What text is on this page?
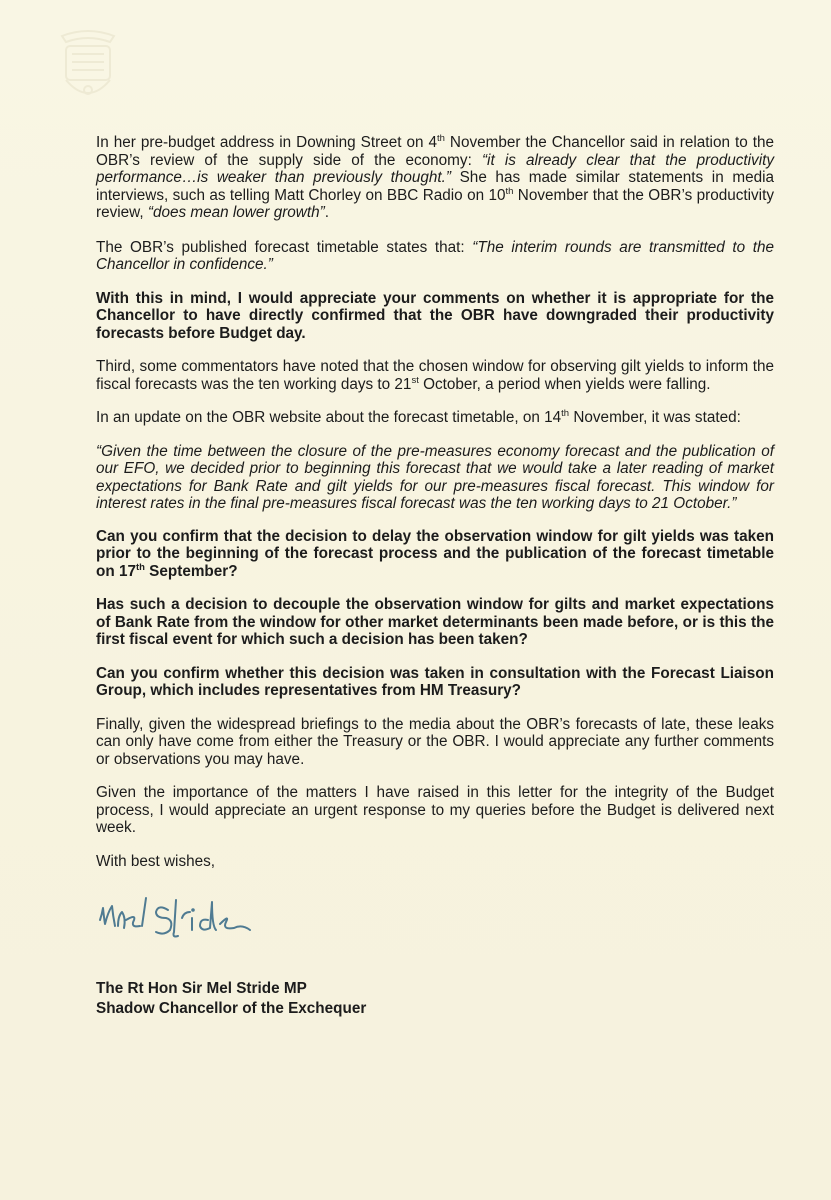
In her pre-budget address in Downing Street on 4th November the Chancellor said in relation to the OBR’s review of the supply side of the economy: “it is already clear that the productivity performance…is weaker than previously thought.” She has made similar statements in media interviews, such as telling Matt Chorley on BBC Radio on 10th November that the OBR’s productivity review, “does mean lower growth”.

The OBR’s published forecast timetable states that: “The interim rounds are transmitted to the Chancellor in confidence.”

With this in mind, I would appreciate your comments on whether it is appropriate for the Chancellor to have directly confirmed that the OBR have downgraded their productivity forecasts before Budget day.

Third, some commentators have noted that the chosen window for observing gilt yields to inform the fiscal forecasts was the ten working days to 21st October, a period when yields were falling.

In an update on the OBR website about the forecast timetable, on 14th November, it was stated:

“Given the time between the closure of the pre-measures economy forecast and the publication of our EFO, we decided prior to beginning this forecast that we would take a later reading of market expectations for Bank Rate and gilt yields for our pre-measures fiscal forecast. This window for interest rates in the final pre-measures fiscal forecast was the ten working days to 21 October.”

Can you confirm that the decision to delay the observation window for gilt yields was taken prior to the beginning of the forecast process and the publication of the forecast timetable on 17th September?

Has such a decision to decouple the observation window for gilts and market expectations of Bank Rate from the window for other market determinants been made before, or is this the first fiscal event for which such a decision has been taken?

Can you confirm whether this decision was taken in consultation with the Forecast Liaison Group, which includes representatives from HM Treasury?

Finally, given the widespread briefings to the media about the OBR’s forecasts of late, these leaks can only have come from either the Treasury or the OBR. I would appreciate any further comments or observations you may have.

Given the importance of the matters I have raised in this letter for the integrity of the Budget process, I would appreciate an urgent response to my queries before the Budget is delivered next week.

With best wishes,

The Rt Hon Sir Mel Stride MP
Shadow Chancellor of the Exchequer
